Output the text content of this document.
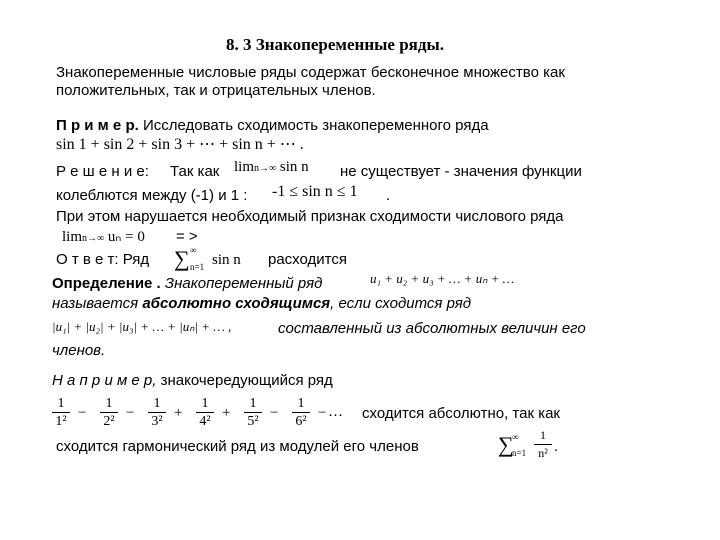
8. 3 Знакопеременные ряды.
Знакопеременные числовые ряды содержат бесконечное множество как
положительных, так и отрицательных членов.
П р и м е р. Исследовать сходимость знакопеременного ряда
sin 1 + sin 2 + sin 3 + ⋯ + sin n + ⋯ .
Р е ш е н и е: Так как limn→∞ sin n не существует - значения функции
колеблются между (-1) и 1 : -1 ≤ sin n ≤ 1 .
При этом нарушается необходимый признак сходимости числового ряда
limn→∞ uₙ = 0 = >
О т в е т: Ряд ∑ ∞
n=1 sin n расходится
Определение . Знакопеременный ряд	u₁ + u₂ + u₃ + … + uₙ + …
называется абсолютно сходящимся, если сходится ряд
|u₁| + |u₂| + |u₃| + … + |uₙ| + … ,	составленный из абсолютных величин его
членов.
Н а п р и м е р, знакочередующийся ряд
1
1²
−
1
2²
−
1
3²
+
1
4²
+
1
5²
−
1
6²
− … сходится абсолютно, так как
сходится гармонический ряд из модулей его членов	∑
∞
n=1
1
n² .
